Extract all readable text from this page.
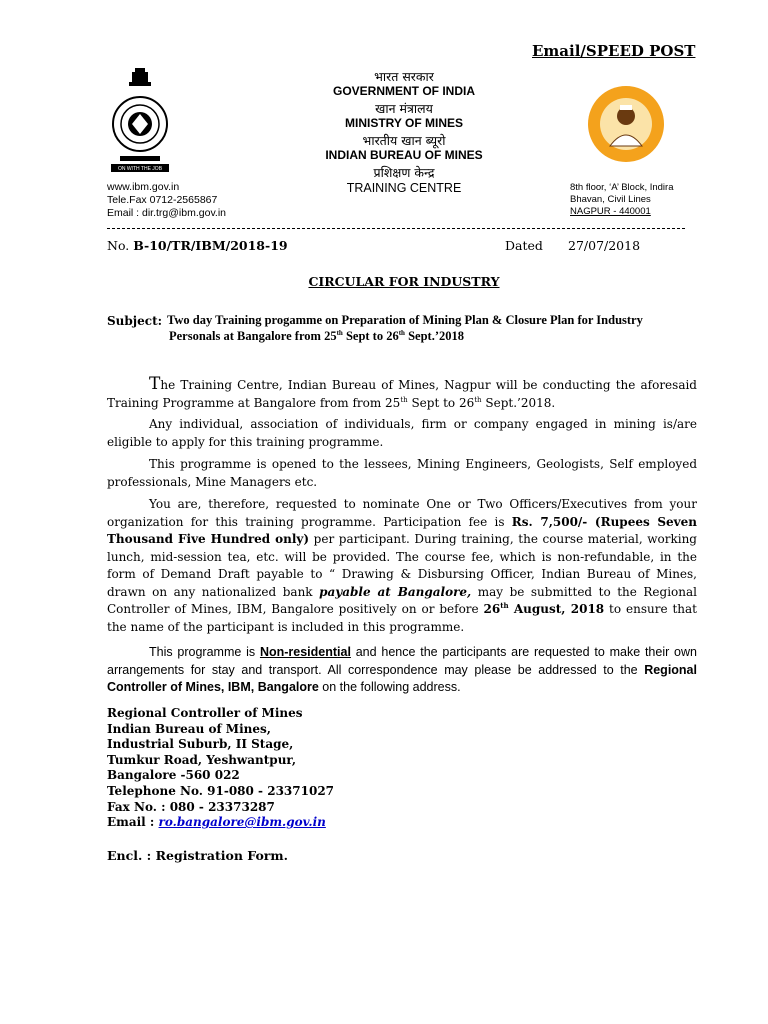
Email/SPEED POST
ON WITH THE JOB
भारत सरकार
GOVERNMENT OF INDIA
खान मंत्रालय
MINISTRY OF MINES
भारतीय खान ब्यूरो
INDIAN BUREAU OF MINES
प्रशिक्षण केन्द्र
TRAINING CENTRE
www.ibm.gov.in
Tele.Fax 0712-2565867
Email : dir.trg@ibm.gov.in
8th floor, ‘A’ Block, Indira
Bhavan, Civil Lines
NAGPUR - 440001
No. B-10/TR/IBM/2018-19	Dated 27/07/2018
CIRCULAR FOR INDUSTRY
Subject: Two day Training progamme on Preparation of Mining Plan & Closure Plan for Industry
Personals at Bangalore from 25th Sept to 26th Sept.’2018
The Training Centre, Indian Bureau of Mines, Nagpur will be conducting the aforesaid Training Programme at Bangalore from from 25th Sept to 26th Sept.’2018.
Any individual, association of individuals, firm or company engaged in mining is/are eligible to apply for this training programme.
This programme is opened to the lessees, Mining Engineers, Geologists, Self employed professionals, Mine Managers etc.
You are, therefore, requested to nominate One or Two Officers/Executives from your organization for this training programme. Participation fee is Rs. 7,500/- (Rupees Seven Thousand Five Hundred only) per participant. During training, the course material, working lunch, mid-session tea, etc. will be provided. The course fee, which is non-refundable, in the form of Demand Draft payable to “ Drawing & Disbursing Officer, Indian Bureau of Mines, drawn on any nationalized bank payable at Bangalore, may be submitted to the Regional Controller of Mines, IBM, Bangalore positively on or before 26th August, 2018 to ensure that the name of the participant is included in this programme.
This programme is Non-residential and hence the participants are requested to make their own arrangements for stay and transport. All correspondence may please be addressed to the Regional Controller of Mines, IBM, Bangalore on the following address.
Regional Controller of Mines
Indian Bureau of Mines,
Industrial Suburb, II Stage,
Tumkur Road, Yeshwantpur,
Bangalore -560 022
Telephone No. 91-080 - 23371027
Fax No. : 080 - 23373287
Email : ro.bangalore@ibm.gov.in
Encl. : Registration Form.
